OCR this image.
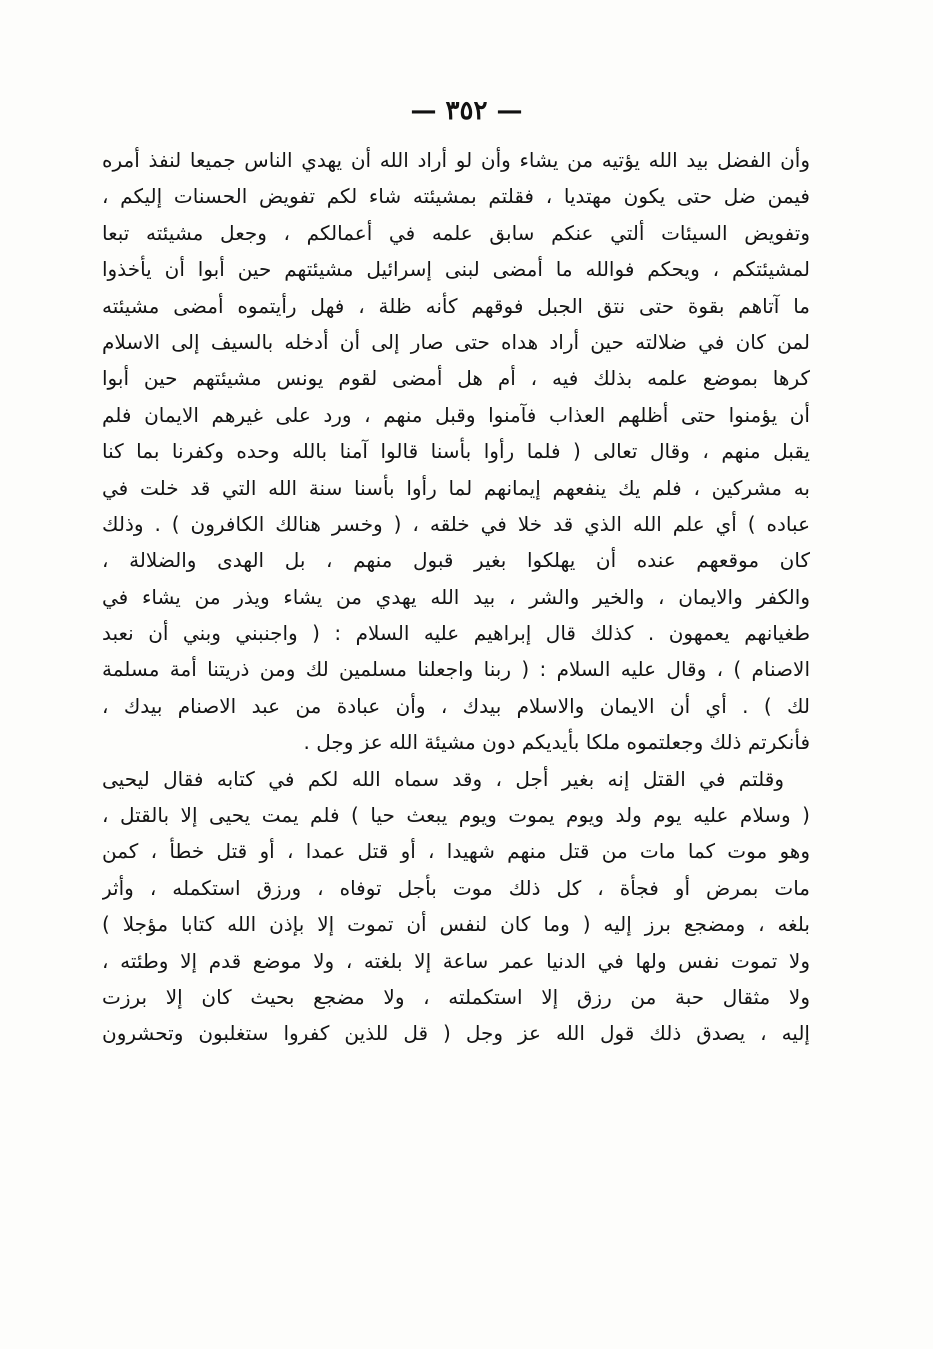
— ٣٥٢ —
وأن الفضل بيد الله يؤتيه من يشاء وأن لو أراد الله أن يهدي الناس جميعا لنفذ أمره
فيمن ضل حتى يكون مهتديا ، فقلتم بمشيئته شاء لكم تفويض الحسنات إليكم ،
وتفويض السيئات ألتي عنكم سابق علمه في أعمالكم ، وجعل مشيئته تبعا
لمشيئتكم ، ويحكم فوالله ما أمضى لبنى إسرائيل مشيئتهم حين أبوا أن يأخذوا
ما آتاهم بقوة حتى نتق الجبل فوقهم كأنه ظلة ، فهل رأيتموه أمضى مشيئته
لمن كان في ضلالته حين أراد هداه حتى صار إلى أن أدخله بالسيف إلى الاسلام
كرها بموضع علمه بذلك فيه ، أم هل أمضى لقوم يونس مشيئتهم حين أبوا
أن يؤمنوا حتى أظلهم العذاب فآمنوا وقبل منهم ، ورد على غيرهم الايمان فلم
يقبل منهم ، وقال تعالى ( فلما رأوا بأسنا قالوا آمنا بالله وحده وكفرنا بما كنا
به مشركين ، فلم يك ينفعهم إيمانهم لما رأوا بأسنا سنة الله التي قد خلت في
عباده ) أي علم الله الذي قد خلا في خلقه ، ( وخسر هنالك الكافرون ) . وذلك
كان موقعهم عنده أن يهلكوا بغير قبول منهم ، بل الهدى والضلالة ،
والكفر والايمان ، والخير والشر ، بيد الله يهدي من يشاء ويذر من يشاء في
طغيانهم يعمهون . كذلك قال إبراهيم عليه السلام : ( واجنبني وبني أن نعبد
الاصنام ) ، وقال عليه السلام : ( ربنا واجعلنا مسلمين لك ومن ذريتنا أمة مسلمة
لك ) . أي أن الايمان والاسلام بيدك ، وأن عبادة من عبد الاصنام بيدك ،
فأنكرتم ذلك وجعلتموه ملكا بأيديكم دون مشيئة الله عز وجل .
وقلتم في القتل إنه بغير أجل ، وقد سماه الله لكم في كتابه فقال ليحيى
( وسلام عليه يوم ولد ويوم يموت ويوم يبعث حيا ) فلم يمت يحيى إلا بالقتل ،
وهو موت كما مات من قتل منهم شهيدا ، أو قتل عمدا ، أو قتل خطأ ، كمن
مات بمرض أو فجأة ، كل ذلك موت بأجل توفاه ، ورزق استكمله ، وأثر
بلغه ، ومضجع برز إليه ( وما كان لنفس أن تموت إلا بإذن الله كتابا مؤجلا )
ولا تموت نفس ولها في الدنيا عمر ساعة إلا بلغته ، ولا موضع قدم إلا وطئته ،
ولا مثقال حبة من رزق إلا استكملته ، ولا مضجع بحيث كان إلا برزت
إليه ، يصدق ذلك قول الله عز وجل ( قل للذين كفروا ستغلبون وتحشرون
